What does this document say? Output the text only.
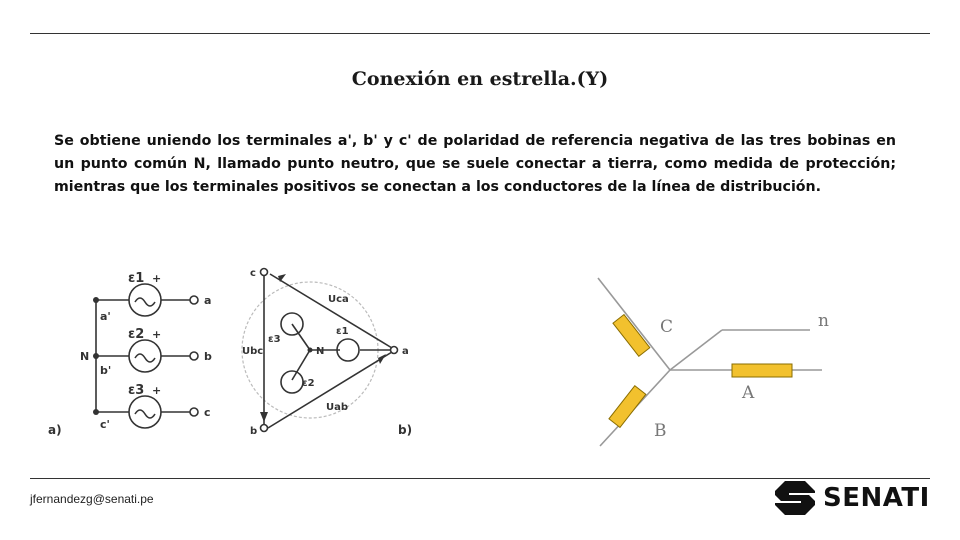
Conexión en estrella.(Y)
Se obtiene uniendo los terminales a', b' y c' de polaridad de referencia negativa de las tres bobinas en un punto común N, llamado punto neutro, que se suele conectar a tierra, como medida de protección; mientras que los terminales positivos se conectan a los conductores de la línea de distribución.
a
b
c
a'
b'
c'
N
ε1
ε2
ε3
+
+
+
a)
c
b
a
N
Uca
Ubc
Uab
ε1
ε3
ε2
b)
C
B
A
n
jfernandezg@senati.pe	SENATI
